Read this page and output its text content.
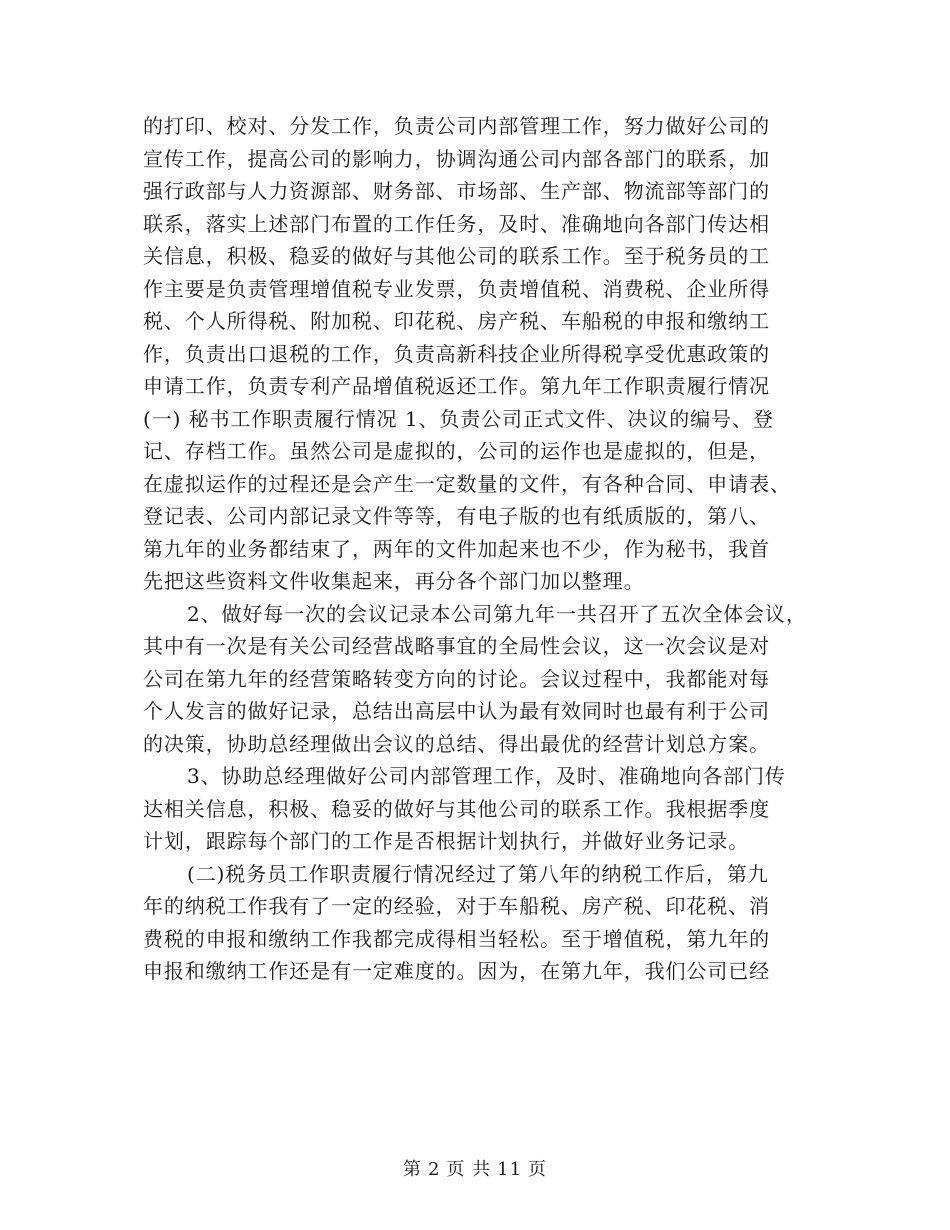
的打印、校对、分发工作，负责公司内部管理工作，努力做好公司的
宣传工作，提高公司的影响力，协调沟通公司内部各部门的联系，加
强行政部与人力资源部、财务部、市场部、生产部、物流部等部门的
联系，落实上述部门布置的工作任务，及时、准确地向各部门传达相
关信息，积极、稳妥的做好与其他公司的联系工作。至于税务员的工
作主要是负责管理增值税专业发票，负责增值税、消费税、企业所得
税、个人所得税、附加税、印花税、房产税、车船税的申报和缴纳工
作，负责出口退税的工作，负责高新科技企业所得税享受优惠政策的
申请工作，负责专利产品增值税返还工作。第九年工作职责履行情况
(一) 秘书工作职责履行情况 1、负责公司正式文件、决议的编号、登
记、存档工作。虽然公司是虚拟的，公司的运作也是虚拟的，但是，
在虚拟运作的过程还是会产生一定数量的文件，有各种合同、申请表、
登记表、公司内部记录文件等等，有电子版的也有纸质版的，第八、
第九年的业务都结束了，两年的文件加起来也不少，作为秘书，我首
先把这些资料文件收集起来，再分各个部门加以整理。
2、做好每一次的会议记录本公司第九年一共召开了五次全体会议，
其中有一次是有关公司经营战略事宜的全局性会议，这一次会议是对
公司在第九年的经营策略转变方向的讨论。会议过程中，我都能对每
个人发言的做好记录，总结出高层中认为最有效同时也最有利于公司
的决策，协助总经理做出会议的总结、得出最优的经营计划总方案。
3、协助总经理做好公司内部管理工作，及时、准确地向各部门传
达相关信息，积极、稳妥的做好与其他公司的联系工作。我根据季度
计划，跟踪每个部门的工作是否根据计划执行，并做好业务记录。
(二)税务员工作职责履行情况经过了第八年的纳税工作后，第九
年的纳税工作我有了一定的经验，对于车船税、房产税、印花税、消
费税的申报和缴纳工作我都完成得相当轻松。至于增值税，第九年的
申报和缴纳工作还是有一定难度的。因为，在第九年，我们公司已经
第 2 页 共 11 页
